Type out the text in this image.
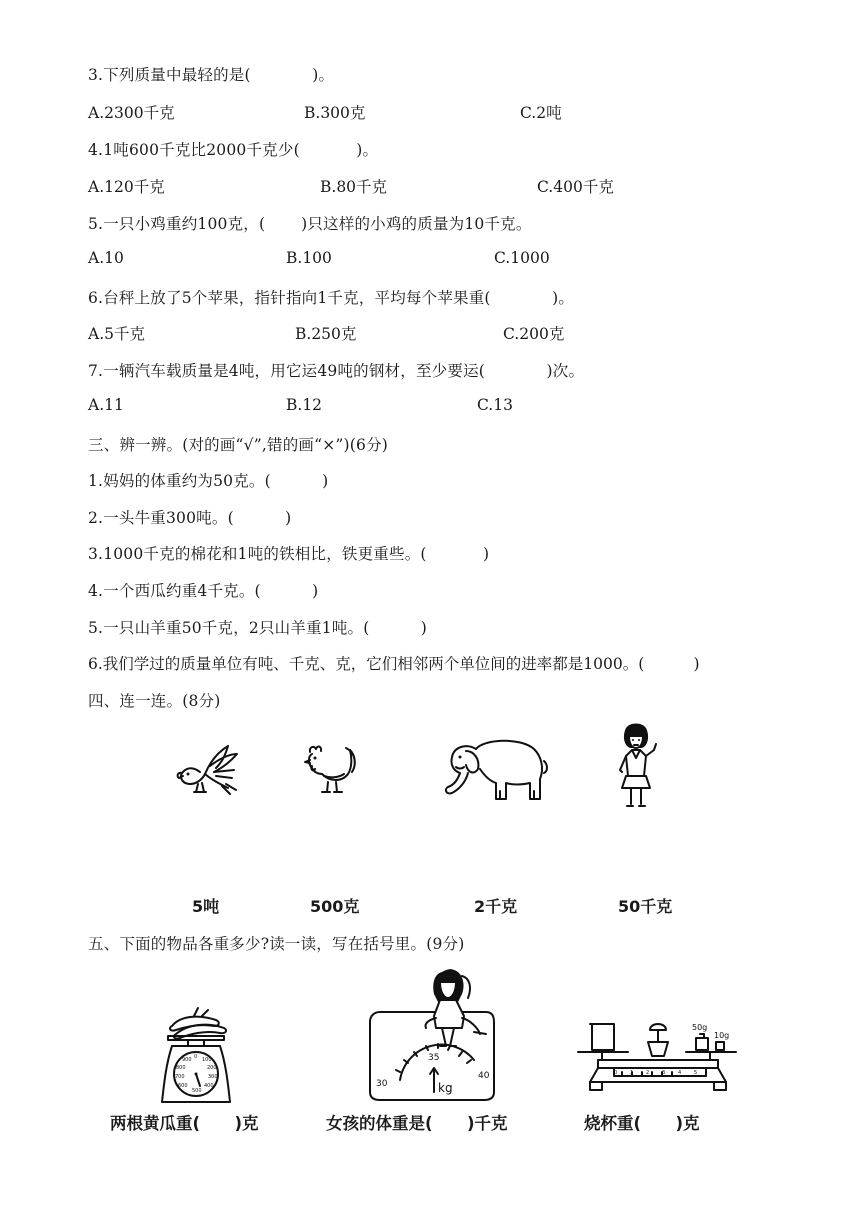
3.下列质量中最轻的是(            )。
A.2300千克	B.300克	C.2吨
4.1吨600千克比2000千克少(           )。
A.120千克	B.80千克	C.400千克
5.一只小鸡重约100克，(       )只这样的小鸡的质量为10千克。
A.10	B.100	C.1000
6.台秤上放了5个苹果，指针指向1千克，平均每个苹果重(            )。
A.5千克	B.250克	C.200克
7.一辆汽车载质量是4吨，用它运49吨的钢材，至少要运(            )次。
A.11	B.12	C.13
三、辨一辨。(对的画“√”,错的画“×”)(6分)
1.妈妈的体重约为50克。(          )
2.一头牛重300吨。(          )
3.1000千克的棉花和1吨的铁相比，铁更重些。(           )
4.一个西瓜约重4千克。(          )
5.一只山羊重50千克，2只山羊重1吨。(          )
6.我们学过的质量单位有吨、千克、克，它们相邻两个单位间的进率都是1000。(          )
四、连一连。(8分)
5吨	500克	2千克	50千克
五、下面的物品各重多少?读一读，写在括号里。(9分)
0 100
200
300
400
500
600
700
800
900
30
35
40
kg
50g
10g
0	1	2	3	4	5
两根黄瓜重(      )克	女孩的体重是(      )千克	烧杯重(      )克
